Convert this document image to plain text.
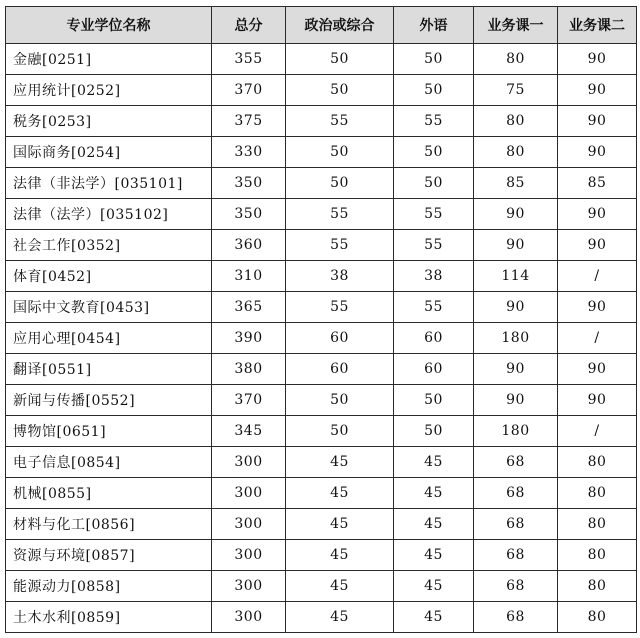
专业学位名称	总分	政治或综合	外语	业务课一	业务课二
金融[0251]	355	50	50	80	90
应用统计[0252]	370	50	50	75	90
税务[0253]	375	55	55	80	90
国际商务[0254]	330	50	50	80	90
法律（非法学）[035101]	350	50	50	85	85
法律（法学）[035102]	350	55	55	90	90
社会工作[0352]	360	55	55	90	90
体育[0452]	310	38	38	114	/
国际中文教育[0453]	365	55	55	90	90
应用心理[0454]	390	60	60	180	/
翻译[0551]	380	60	60	90	90
新闻与传播[0552]	370	50	50	90	90
博物馆[0651]	345	50	50	180	/
电子信息[0854]	300	45	45	68	80
机械[0855]	300	45	45	68	80
材料与化工[0856]	300	45	45	68	80
资源与环境[0857]	300	45	45	68	80
能源动力[0858]	300	45	45	68	80
土木水利[0859]	300	45	45	68	80
